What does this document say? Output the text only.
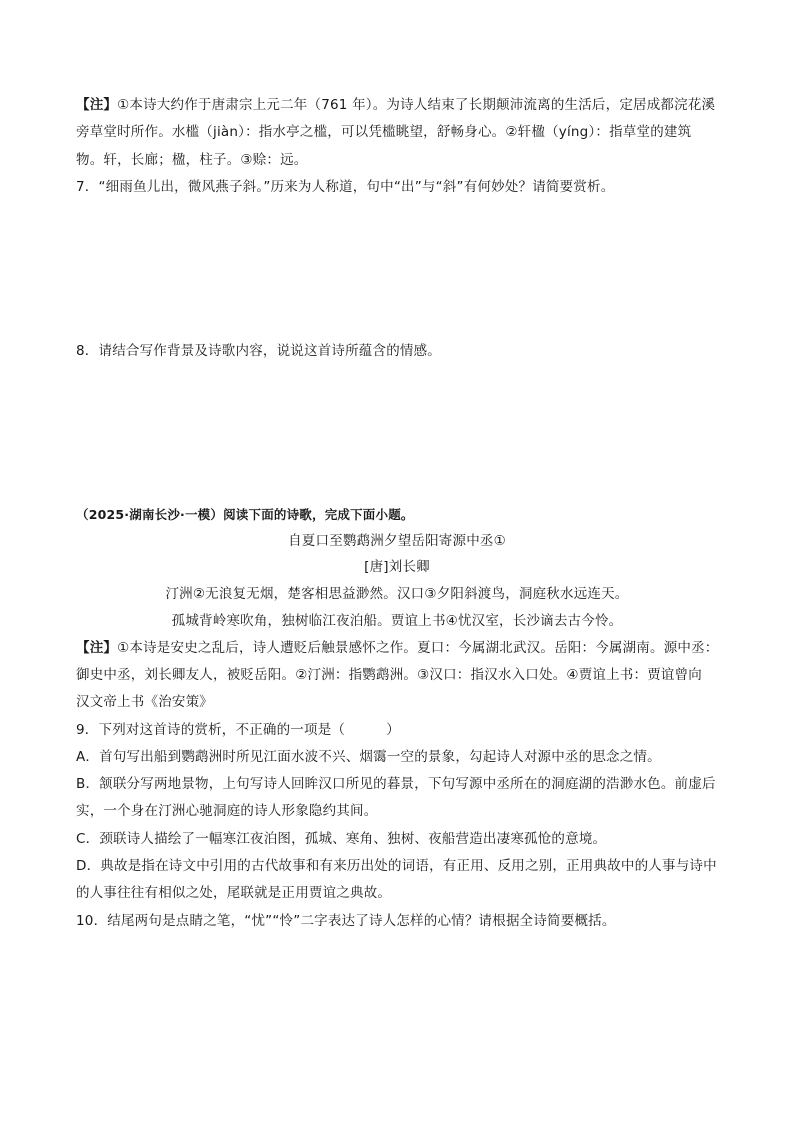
【注】①本诗大约作于唐肃宗上元二年（761 年）。为诗人结束了长期颠沛流离的生活后，定居成都浣花溪
旁草堂时所作。水槛（jiàn）：指水亭之槛，可以凭槛眺望，舒畅身心。②轩楹（yíng）：指草堂的建筑
物。轩，长廊；楹，柱子。③赊：远。
7．“细雨鱼儿出，微风燕子斜。”历来为人称道，句中“出”与“斜”有何妙处？请简要赏析。
8．请结合写作背景及诗歌内容，说说这首诗所蕴含的情感。
（2025·湖南长沙·一模）阅读下面的诗歌，完成下面小题。
自夏口至鹦鹉洲夕望岳阳寄源中丞①
[唐]刘长卿
汀洲②无浪复无烟，楚客相思益渺然。汉口③夕阳斜渡鸟，洞庭秋水远连天。
孤城背岭寒吹角，独树临江夜泊船。贾谊上书④忧汉室，长沙谪去古今怜。
【注】①本诗是安史之乱后，诗人遭贬后触景感怀之作。夏口：今属湖北武汉。岳阳：今属湖南。源中丞：
御史中丞，刘长卿友人，被贬岳阳。②汀洲：指鹦鹉洲。③汉口：指汉水入口处。④贾谊上书：贾谊曾向
汉文帝上书《治安策》
9．下列对这首诗的赏析，不正确的一项是（　　　）
A．首句写出船到鹦鹉洲时所见江面水波不兴、烟霭一空的景象，勾起诗人对源中丞的思念之情。
B．颔联分写两地景物，上句写诗人回眸汉口所见的暮景，下句写源中丞所在的洞庭湖的浩渺水色。前虚后
实，一个身在汀洲心驰洞庭的诗人形象隐约其间。
C．颈联诗人描绘了一幅寒江夜泊图，孤城、寒角、独树、夜船营造出凄寒孤怆的意境。
D．典故是指在诗文中引用的古代故事和有来历出处的词语，有正用、反用之别，正用典故中的人事与诗中
的人事往往有相似之处，尾联就是正用贾谊之典故。
10．结尾两句是点睛之笔，“忧”“怜”二字表达了诗人怎样的心情？请根据全诗简要概括。
